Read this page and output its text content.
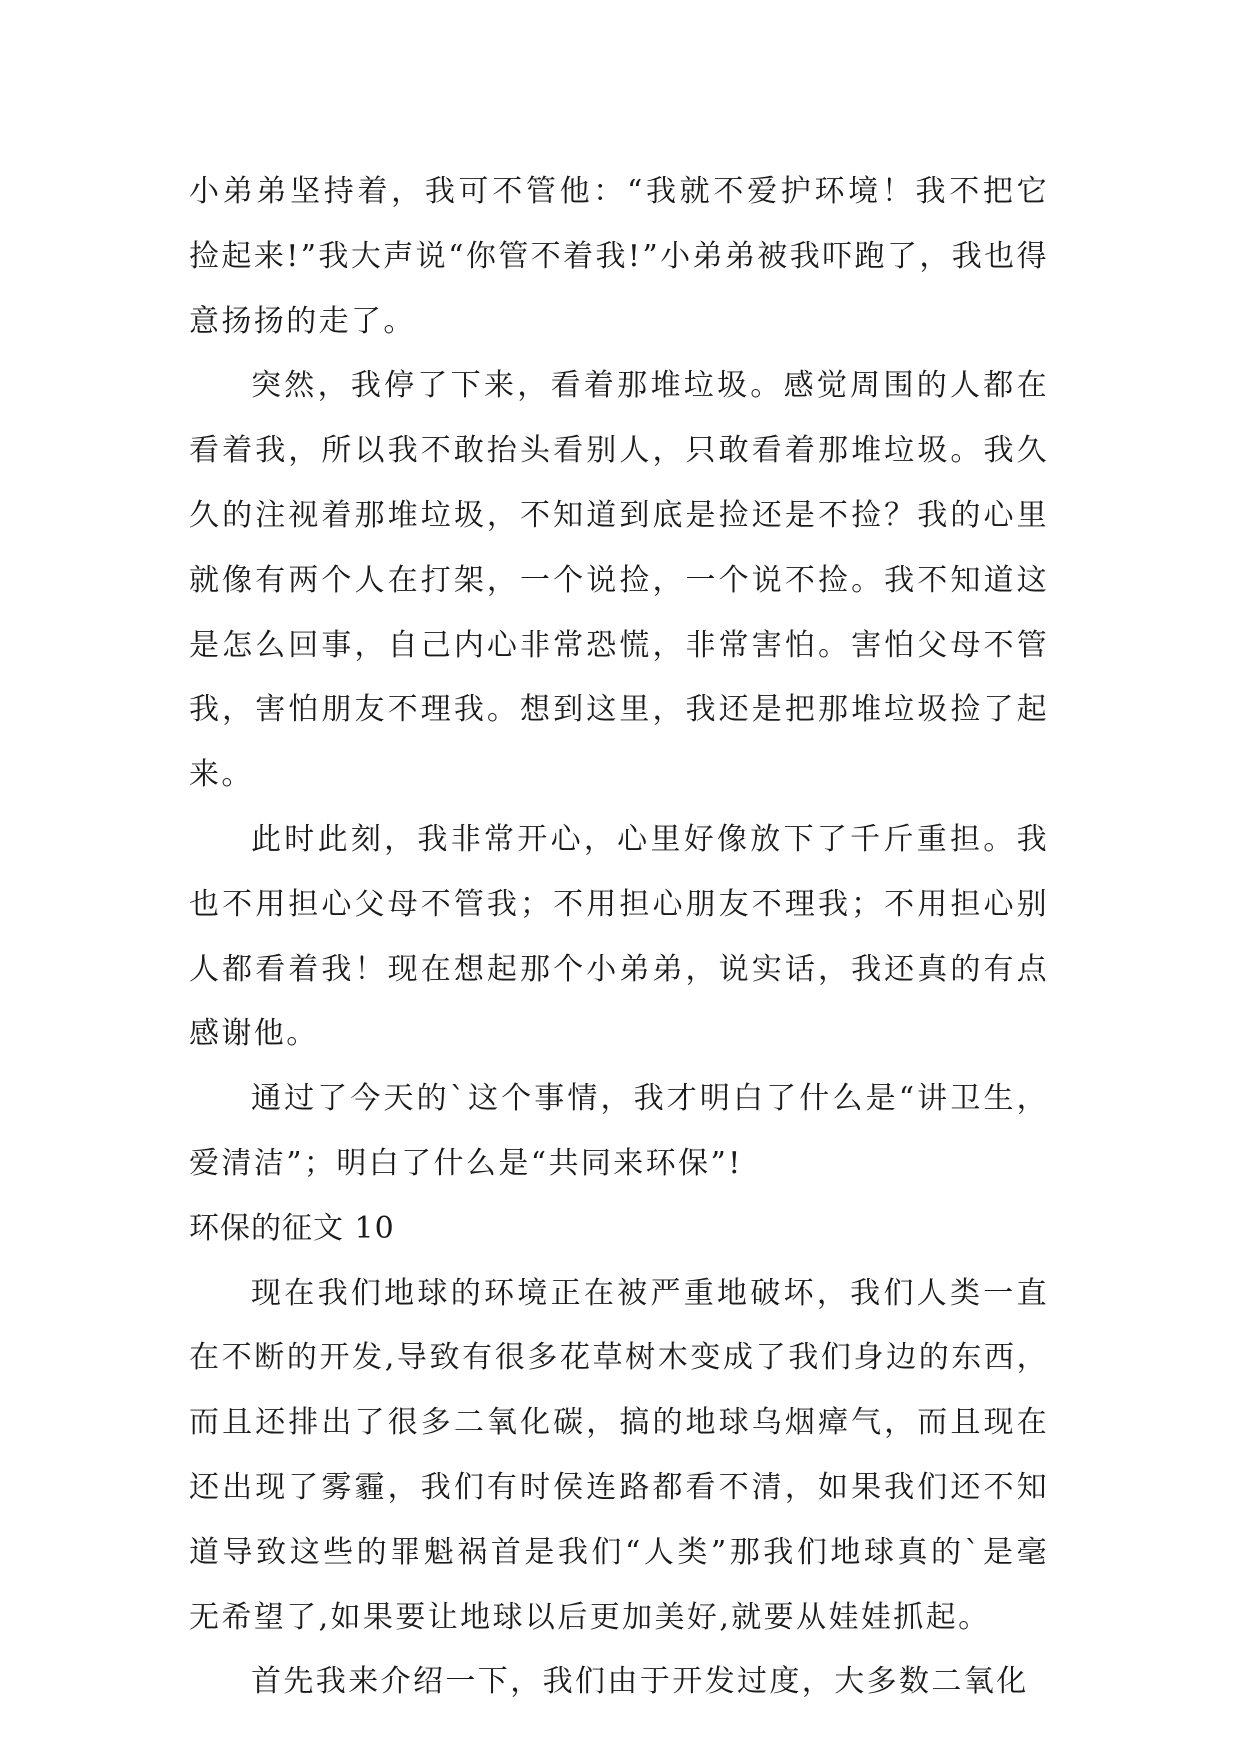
小弟弟坚持着，我可不管他：“我就不爱护环境！我不把它捡起来!”我大声说“你管不着我!”小弟弟被我吓跑了，我也得意扬扬的走了。

突然，我停了下来，看着那堆垃圾。感觉周围的人都在看着我，所以我不敢抬头看别人，只敢看着那堆垃圾。我久久的注视着那堆垃圾，不知道到底是捡还是不捡？我的心里就像有两个人在打架，一个说捡，一个说不捡。我不知道这是怎么回事，自己内心非常恐慌，非常害怕。害怕父母不管我，害怕朋友不理我。想到这里，我还是把那堆垃圾捡了起来。

此时此刻，我非常开心，心里好像放下了千斤重担。我也不用担心父母不管我；不用担心朋友不理我；不用担心别人都看着我！现在想起那个小弟弟，说实话，我还真的有点感谢他。

通过了今天的`这个事情，我才明白了什么是“讲卫生，爱清洁”；明白了什么是“共同来环保”!

环保的征文 10

现在我们地球的环境正在被严重地破坏，我们人类一直在不断的开发,导致有很多花草树木变成了我们身边的东西，而且还排出了很多二氧化碳，搞的地球乌烟瘴气，而且现在还出现了雾霾，我们有时侯连路都看不清，如果我们还不知道导致这些的罪魁祸首是我们“人类”那我们地球真的`是毫无希望了,如果要让地球以后更加美好,就要从娃娃抓起。

首先我来介绍一下，我们由于开发过度，大多数二氧化
